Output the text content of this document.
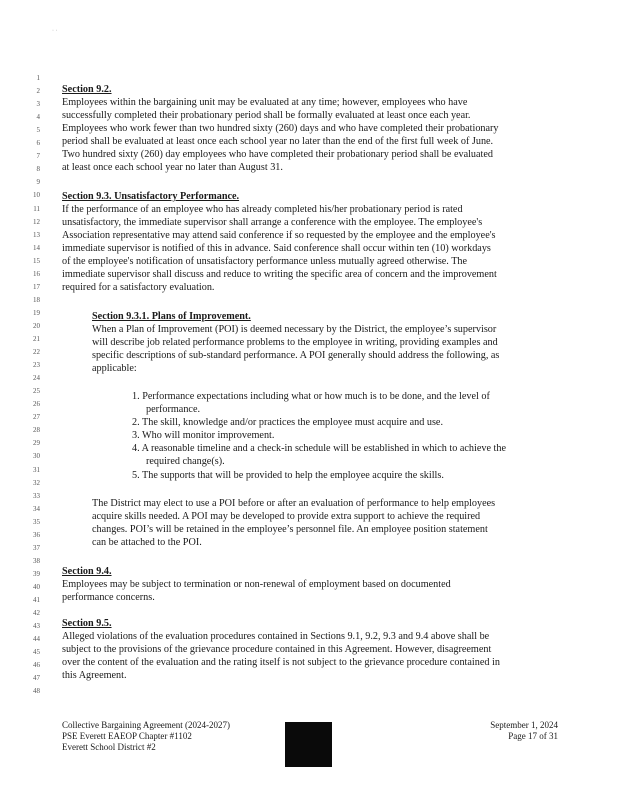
· ·
1
2
3
4
5
6
7
8
9
10
11
12
13
14
15
16
17
18
19
20
21
22
23
24
25
26
27
28
29
30
31
32
33
34
35
36
37
38
39
40
41
42
43
44
45
46
47
48
Section 9.2.
Employees within the bargaining unit may be evaluated at any time; however, employees who have
successfully completed their probationary period shall be formally evaluated at least once each year.
Employees who work fewer than two hundred sixty (260) days and who have completed their probationary
period shall be evaluated at least once each school year no later than the end of the first full week of June.
Two hundred sixty (260) day employees who have completed their probationary period shall be evaluated
at least once each school year no later than August 31.
Section 9.3. Unsatisfactory Performance.
If the performance of an employee who has already completed his/her probationary period is rated
unsatisfactory, the immediate supervisor shall arrange a conference with the employee. The employee's
Association representative may attend said conference if so requested by the employee and the employee's
immediate supervisor is notified of this in advance. Said conference shall occur within ten (10) workdays
of the employee's notification of unsatisfactory performance unless mutually agreed otherwise. The
immediate supervisor shall discuss and reduce to writing the specific area of concern and the improvement
required for a satisfactory evaluation.
Section 9.3.1. Plans of Improvement.
When a Plan of Improvement (POI) is deemed necessary by the District, the employee’s supervisor
will describe job related performance problems to the employee in writing, providing examples and
specific descriptions of sub-standard performance. A POI generally should address the following, as
applicable:
1. Performance expectations including what or how much is to be done, and the level of
performance.
2. The skill, knowledge and/or practices the employee must acquire and use.
3. Who will monitor improvement.
4. A reasonable timeline and a check-in schedule will be established in which to achieve the
required change(s).
5. The supports that will be provided to help the employee acquire the skills.
The District may elect to use a POI before or after an evaluation of performance to help employees
acquire skills needed. A POI may be developed to provide extra support to achieve the required
changes. POI’s will be retained in the employee’s personnel file. An employee position statement
can be attached to the POI.
Section 9.4.
Employees may be subject to termination or non-renewal of employment based on documented
performance concerns.
Section 9.5.
Alleged violations of the evaluation procedures contained in Sections 9.1, 9.2, 9.3 and 9.4 above shall be
subject to the provisions of the grievance procedure contained in this Agreement. However, disagreement
over the content of the evaluation and the rating itself is not subject to the grievance procedure contained in
this Agreement.
Collective Bargaining Agreement (2024-2027)
PSE Everett EAEOP Chapter #1102
Everett School District #2
September 1, 2024
Page 17 of 31
